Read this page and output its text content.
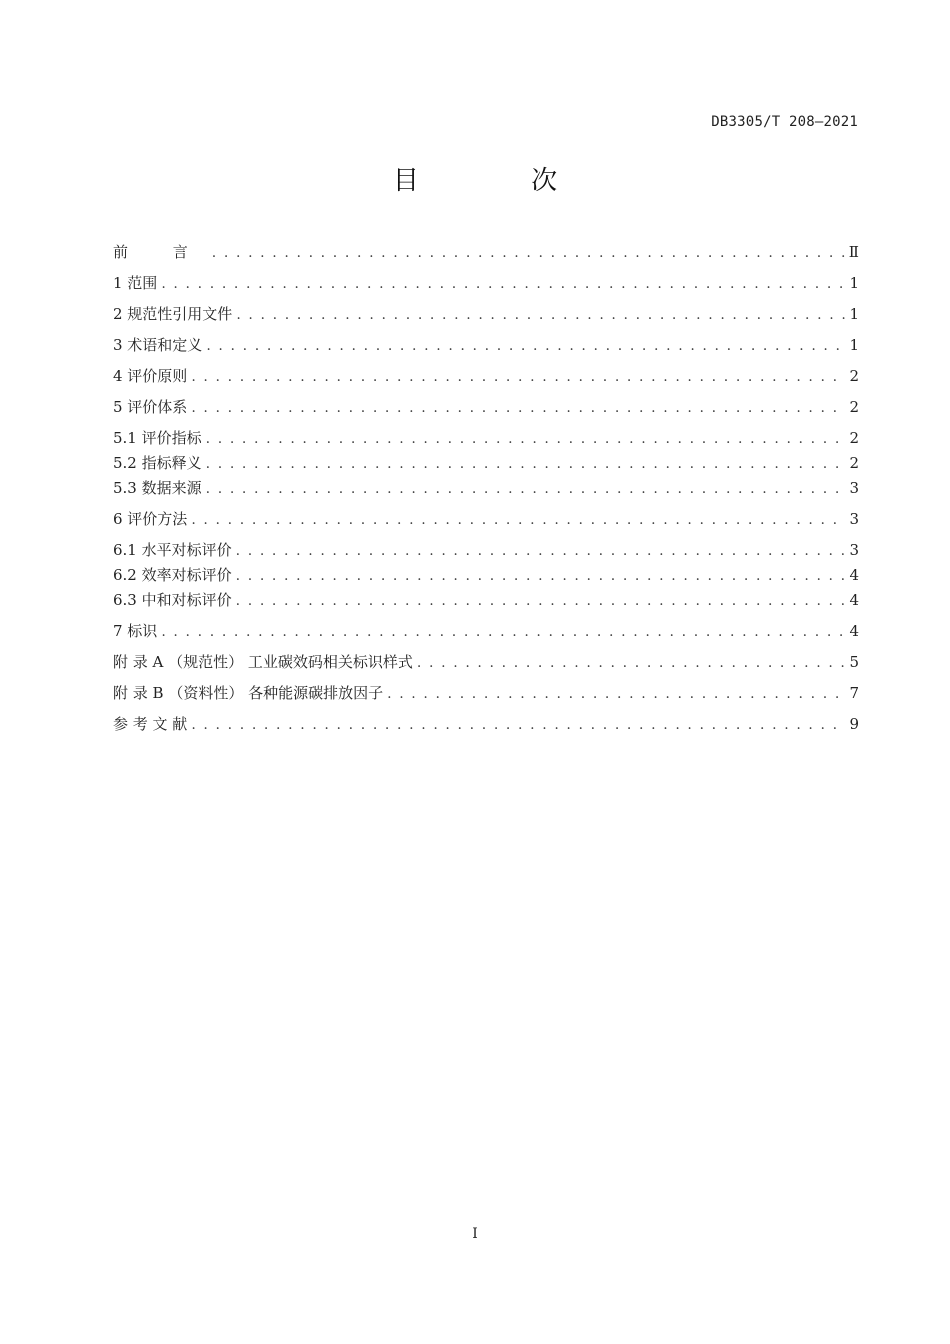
DB3305/T 208—2021
目 次
前 言 . . .	Ⅱ
1 范围 . . .	1
2 规范性引用文件 . . .	1
3 术语和定义 . . .	1
4 评价原则 . . .	2
5 评价体系 . . .	2
5.1 评价指标 . . .	2
5.2 指标释义 . . .	2
5.3 数据来源 . . .	3
6 评价方法 . . .	3
6.1 水平对标评价 . . .	3
6.2 效率对标评价 . . .	4
6.3 中和对标评价 . . .	4
7 标识 . . .	4
附 录 A （规范性） 工业碳效码相关标识样式 . . .	5
附 录 B （资料性） 各种能源碳排放因子 . . .	7
参 考 文 献 . . .	9
I
